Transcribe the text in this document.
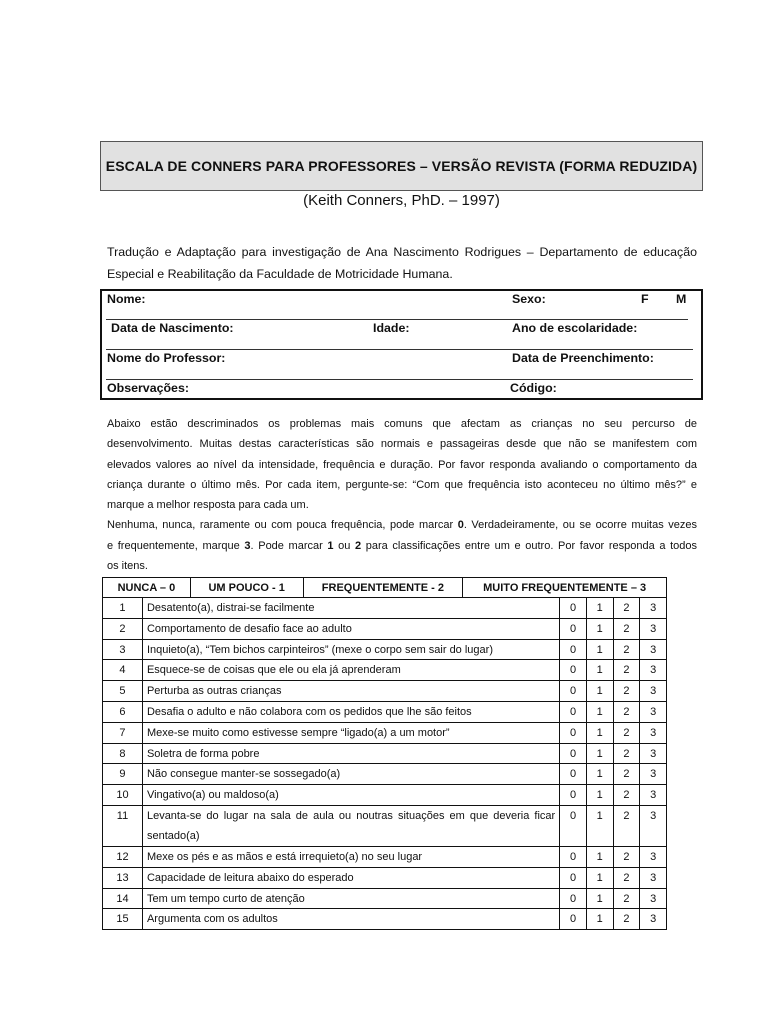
ESCALA DE CONNERS PARA PROFESSORES – VERSÃO REVISTA (FORMA REDUZIDA)
(Keith Conners, PhD. – 1997)
Tradução e Adaptação para investigação de Ana Nascimento Rodrigues – Departamento de educação
Especial e Reabilitação da Faculdade de Motricidade Humana.
Nome:	Sexo:	F M
Data de Nascimento:	Idade:	Ano de escolaridade:
Nome do Professor:	Data de Preenchimento:
Observações:	Código:
Abaixo estão descriminados os problemas mais comuns que afectam as crianças no seu percurso de
desenvolvimento. Muitas destas características são normais e passageiras desde que não se manifestem com
elevados valores ao nível da intensidade, frequência e duração. Por favor responda avaliando o comportamento da
criança durante o último mês. Por cada item, pergunte-se: “Com que frequência isto aconteceu no último mês?” e
marque a melhor resposta para cada um.
Nenhuma, nunca, raramente ou com pouca frequência, pode marcar 0. Verdadeiramente, ou se ocorre muitas vezes
e frequentemente, marque 3. Pode marcar 1 ou 2 para classificações entre um e outro. Por favor responda a todos
os itens.
NUNCA – 0	UM POUCO - 1	FREQUENTEMENTE - 2	MUITO FREQUENTEMENTE – 3
1	Desatento(a), distrai-se facilmente	0	1	2	3
2	Comportamento de desafio face ao adulto	0	1	2	3
3	Inquieto(a), “Tem bichos carpinteiros” (mexe o corpo sem sair do lugar)	0	1	2	3
4	Esquece-se de coisas que ele ou ela já aprenderam	0	1	2	3
5	Perturba as outras crianças	0	1	2	3
6	Desafia o adulto e não colabora com os pedidos que lhe são feitos	0	1	2	3
7	Mexe-se muito como estivesse sempre “ligado(a) a um motor”	0	1	2	3
8	Soletra de forma pobre	0	1	2	3
9	Não consegue manter-se sossegado(a)	0	1	2	3
10	Vingativo(a) ou maldoso(a)	0	1	2	3
11	Levanta-se do lugar na sala de aula ou noutras situações em que deveria ficar sentado(a)	0	1	2	3
12	Mexe os pés e as mãos e está irrequieto(a) no seu lugar	0	1	2	3
13	Capacidade de leitura abaixo do esperado	0	1	2	3
14	Tem um tempo curto de atenção	0	1	2	3
15	Argumenta com os adultos	0	1	2	3
